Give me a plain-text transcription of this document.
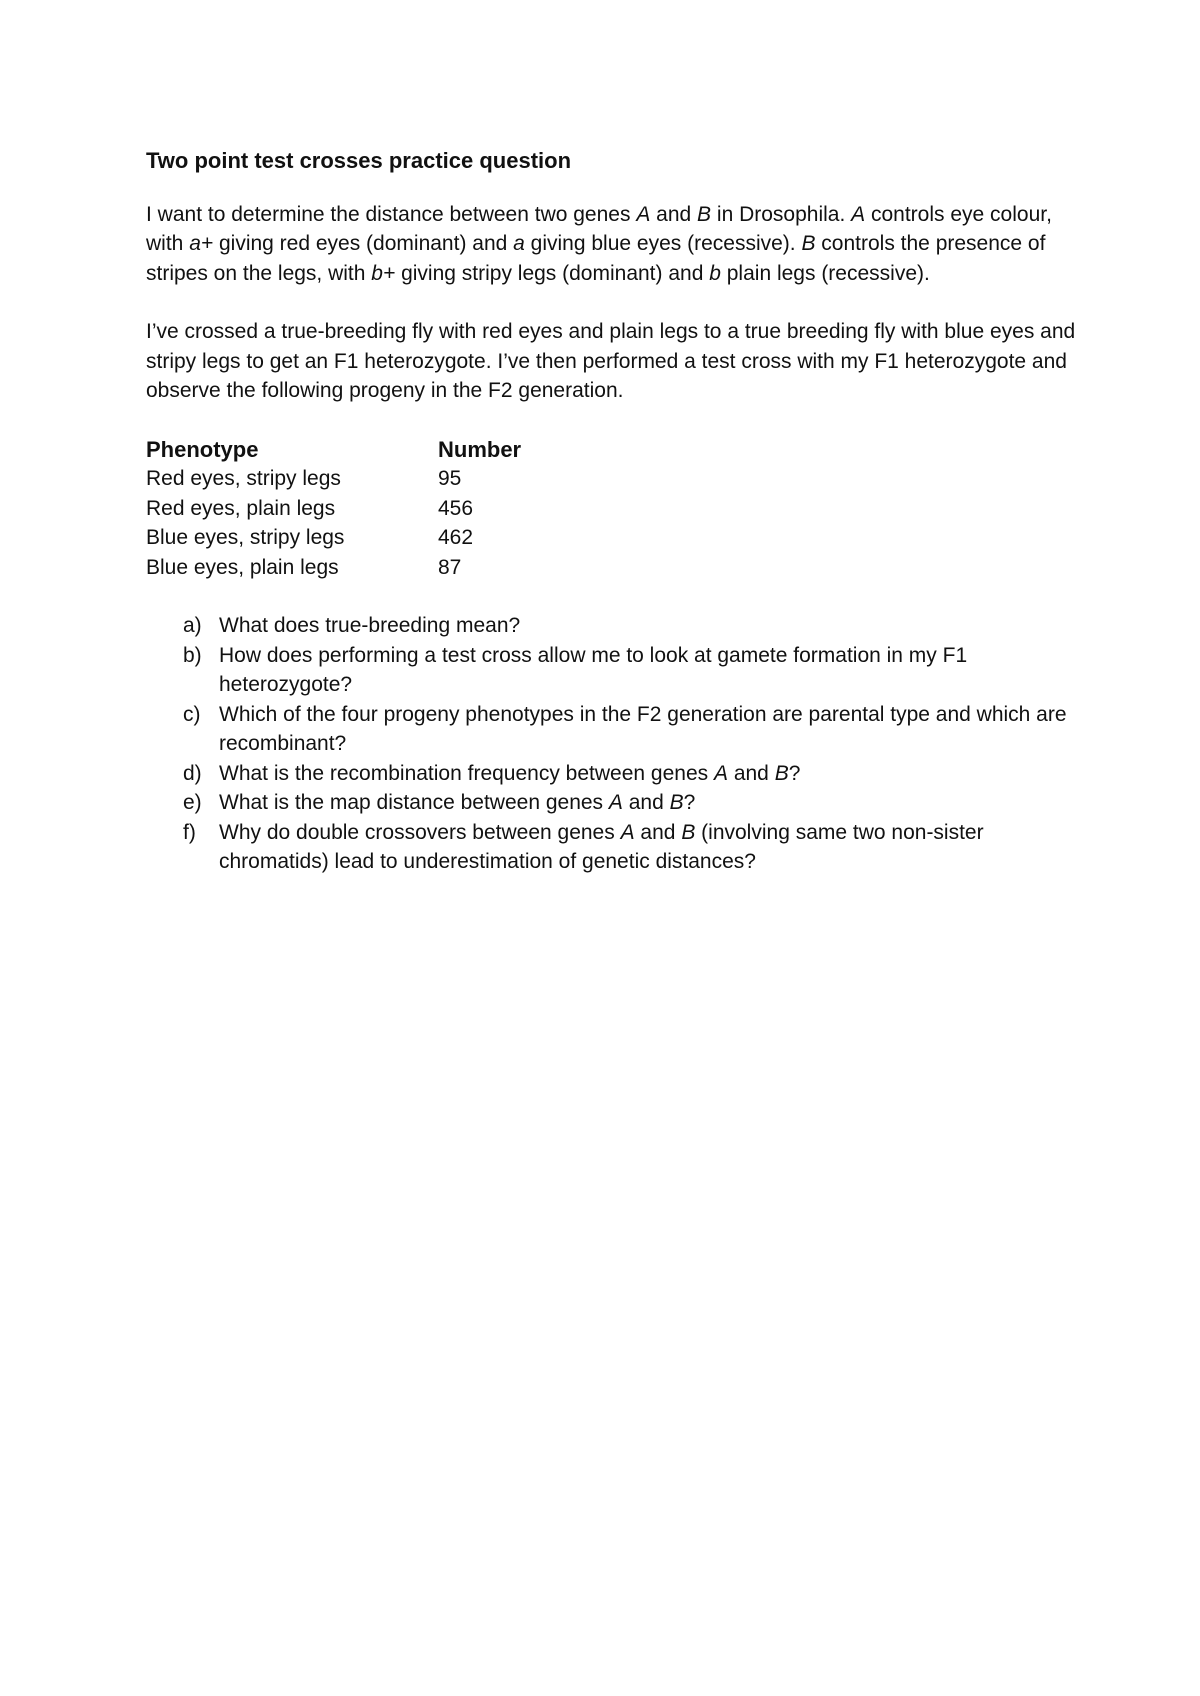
Two point test crosses practice question

I want to determine the distance between two genes A and B in Drosophila. A controls eye colour, with a+ giving red eyes (dominant) and a giving blue eyes (recessive). B controls the presence of stripes on the legs, with b+ giving stripy legs (dominant) and b plain legs (recessive).

I’ve crossed a true-breeding fly with red eyes and plain legs to a true breeding fly with blue eyes and stripy legs to get an F1 heterozygote. I’ve then performed a test cross with my F1 heterozygote and observe the following progeny in the F2 generation.

Phenotype	Number
Red eyes, stripy legs	95
Red eyes, plain legs	456
Blue eyes, stripy legs	462
Blue eyes, plain legs	87
a) What does true-breeding mean?
b) How does performing a test cross allow me to look at gamete formation in my F1 heterozygote?
c) Which of the four progeny phenotypes in the F2 generation are parental type and which are recombinant?
d) What is the recombination frequency between genes A and B?
e) What is the map distance between genes A and B?
f) Why do double crossovers between genes A and B (involving same two non-sister chromatids) lead to underestimation of genetic distances?
